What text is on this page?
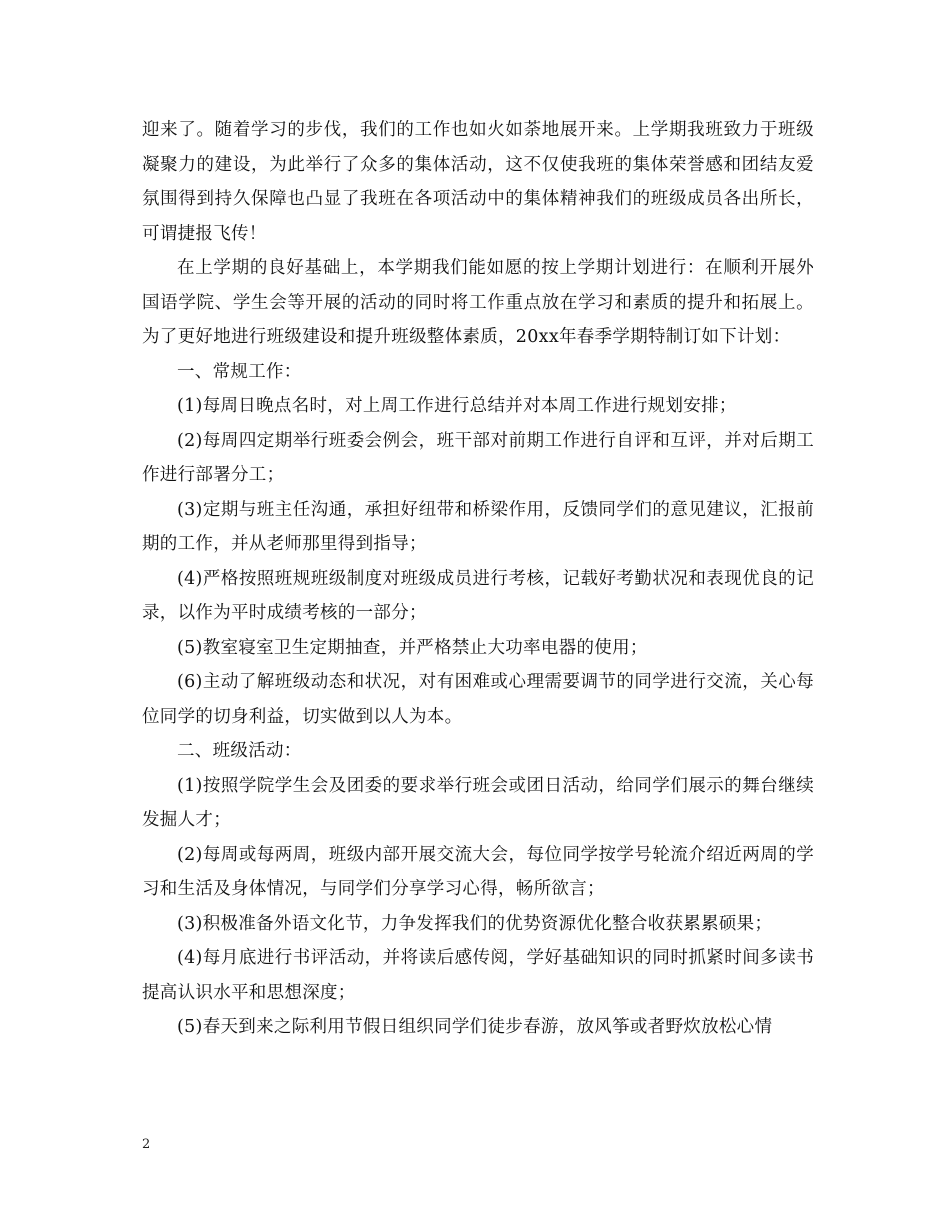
迎来了。随着学习的步伐，我们的工作也如火如荼地展开来。上学期我班致力于班级凝聚力的建设，为此举行了众多的集体活动，这不仅使我班的集体荣誉感和团结友爱氛围得到持久保障也凸显了我班在各项活动中的集体精神我们的班级成员各出所长，可谓捷报飞传！

在上学期的良好基础上，本学期我们能如愿的按上学期计划进行：在顺利开展外国语学院、学生会等开展的活动的同时将工作重点放在学习和素质的提升和拓展上。为了更好地进行班级建设和提升班级整体素质，20xx年春季学期特制订如下计划：

一、常规工作：

(1)每周日晚点名时，对上周工作进行总结并对本周工作进行规划安排；

(2)每周四定期举行班委会例会，班干部对前期工作进行自评和互评，并对后期工作进行部署分工；

(3)定期与班主任沟通，承担好纽带和桥梁作用，反馈同学们的意见建议，汇报前期的工作，并从老师那里得到指导；

(4)严格按照班规班级制度对班级成员进行考核，记载好考勤状况和表现优良的记录，以作为平时成绩考核的一部分；

(5)教室寝室卫生定期抽查，并严格禁止大功率电器的使用；

(6)主动了解班级动态和状况，对有困难或心理需要调节的同学进行交流，关心每位同学的切身利益，切实做到以人为本。

二、班级活动：

(1)按照学院学生会及团委的要求举行班会或团日活动，给同学们展示的舞台继续发掘人才；

(2)每周或每两周，班级内部开展交流大会，每位同学按学号轮流介绍近两周的学习和生活及身体情况，与同学们分享学习心得，畅所欲言；

(3)积极准备外语文化节，力争发挥我们的优势资源优化整合收获累累硕果；

(4)每月底进行书评活动，并将读后感传阅，学好基础知识的同时抓紧时间多读书提高认识水平和思想深度；

(5)春天到来之际利用节假日组织同学们徒步春游，放风筝或者野炊放松心情

2
